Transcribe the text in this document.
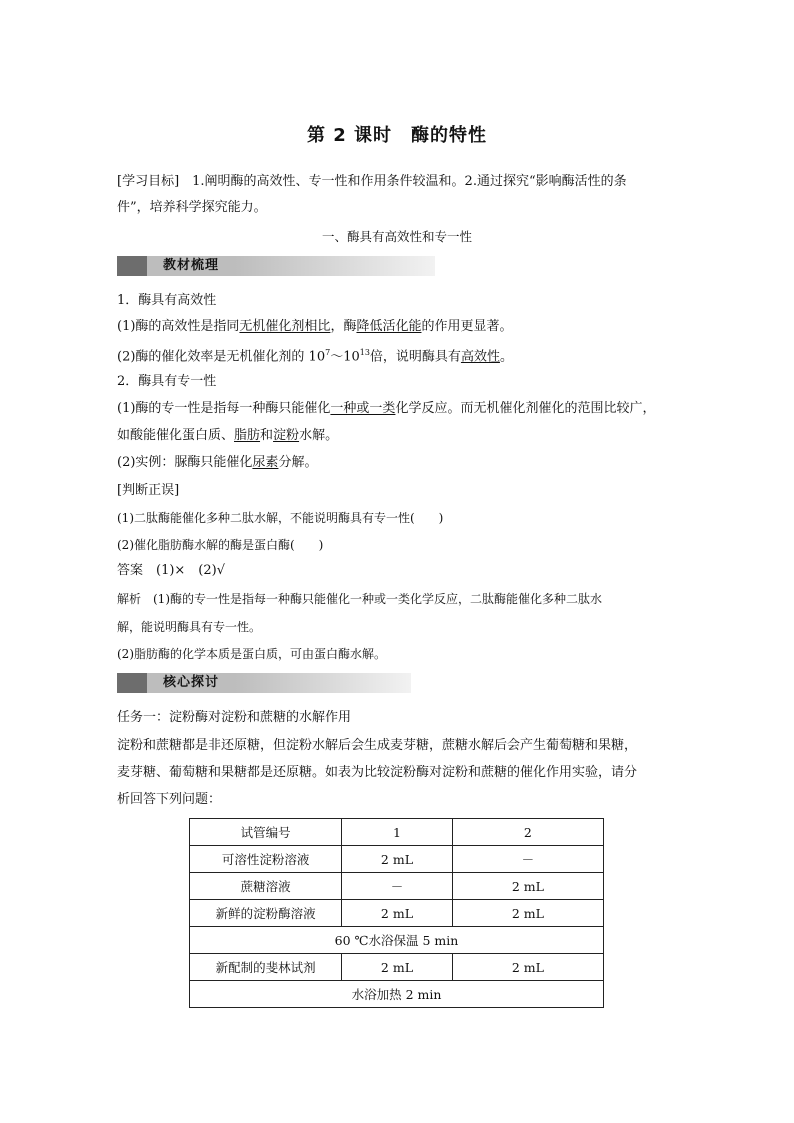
第 2 课时　酶的特性
[学习目标]　1.阐明酶的高效性、专一性和作用条件较温和。2.通过探究“影响酶活性的条
件”，培养科学探究能力。
一、酶具有高效性和专一性
教材梳理
1．酶具有高效性
(1)酶的高效性是指同无机催化剂相比，酶降低活化能的作用更显著。
(2)酶的催化效率是无机催化剂的 $10^7\sim 10^{13}$倍，说明酶具有高效性。
2．酶具有专一性
(1)酶的专一性是指每一种酶只能催化一种或一类化学反应。而无机催化剂催化的范围比较广，
如酸能催化蛋白质、脂肪和淀粉水解。
(2)实例：脲酶只能催化尿素分解。
[判断正误]
(1)二肽酶能催化多种二肽水解，不能说明酶具有专一性(　　)
(2)催化脂肪酶水解的酶是蛋白酶(　　)
答案　(1)×　(2)√
解析　(1)酶的专一性是指每一种酶只能催化一种或一类化学反应，二肽酶能催化多种二肽水
解，能说明酶具有专一性。
(2)脂肪酶的化学本质是蛋白质，可由蛋白酶水解。
核心探讨
任务一：淀粉酶对淀粉和蔗糖的水解作用
淀粉和蔗糖都是非还原糖，但淀粉水解后会生成麦芽糖，蔗糖水解后会产生葡萄糖和果糖，
麦芽糖、葡萄糖和果糖都是还原糖。如表为比较淀粉酶对淀粉和蔗糖的催化作用实验，请分
析回答下列问题：
试管编号	1	2
可溶性淀粉溶液	2 mL	－
蔗糖溶液	－	2 mL
新鲜的淀粉酶溶液	2 mL	2 mL
60 ℃水浴保温 5 min		
新配制的斐林试剂	2 mL	2 mL
水浴加热 2 min		
